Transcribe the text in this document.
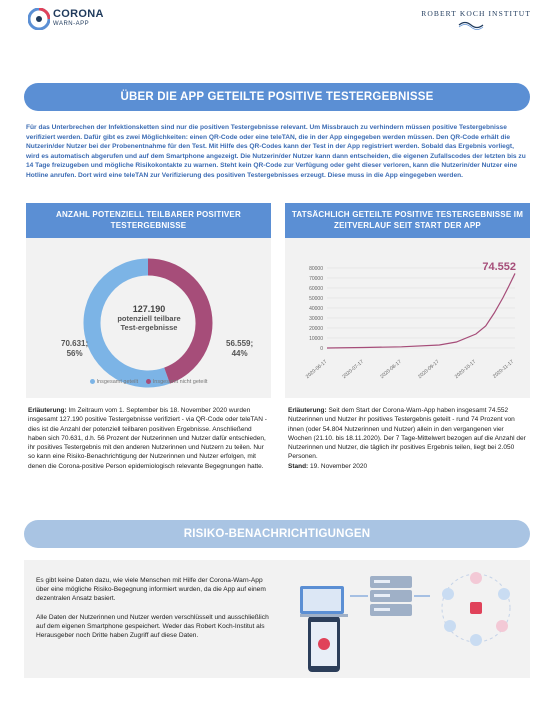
CORONA
WARN-APP
ROBERT KOCH INSTITUT
ÜBER DIE APP GETEILTE POSITIVE TESTERGEBNISSE
Für das Unterbrechen der Infektionsketten sind nur die positiven Testergebnisse relevant. Um Missbrauch zu verhindern müssen positive Testergebnisse verifiziert werden. Dafür gibt es zwei Möglichkeiten: einen QR-Code oder eine teleTAN, die in der App eingegeben werden müssen. Den QR-Code erhält die Nutzerin/der Nutzer bei der Probenentnahme für den Test. Mit Hilfe des QR-Codes kann der Test in der App registriert werden. Sobald das Ergebnis vorliegt, wird es automatisch abgerufen und auf dem Smartphone angezeigt. Die Nutzerin/der Nutzer kann dann entscheiden, die eigenen Zufallscodes der letzten bis zu 14 Tage freizugeben und mögliche Risikokontakte zu warnen. Steht kein QR-Code zur Verfügung oder geht dieser verloren, kann die Nutzerin/der Nutzer eine Hotline anrufen. Dort wird eine teleTAN zur Verifizierung des positiven Testergebnisses erzeugt. Diese muss in die App eingegeben werden.
ANZAHL POTENZIELL TEILBARER POSITIVER TESTERGEBNISSE
127.190
potenziell teilbare Test-ergebnisse
70.631;
56%
56.559;
44%
Insgesamt geteilt	Insgesamt nicht geteilt
TATSÄCHLICH GETEILTE POSITIVE TESTERGEBNISSE IM ZEITVERLAUF SEIT START DER APP
0
10000
20000
30000
40000
50000
60000
70000
80000
2020-06-17	2020-07-17	2020-08-17	2020-09-17	2020-10-17	2020-11-17
74.552
Erläuterung: Im Zeitraum vom 1. September bis 18. November 2020 wurden insgesamt 127.190 positive Testergebnisse verifiziert - via QR-Code oder teleTAN - dies ist die Anzahl der potenziell teilbaren positiven Ergebnisse. Anschließend haben sich 70.631, d.h. 56 Prozent der Nutzerinnen und Nutzer dafür entschieden, ihr positives Testergebnis mit den anderen Nutzerinnen und Nutzern zu teilen. Nur so kann eine Risiko-Benachrichtigung der Nutzerinnen und Nutzer erfolgen, mit denen die Corona-positive Person epidemiologisch relevante Begegnungen hatte.
Erläuterung: Seit dem Start der Corona-Warn-App haben insgesamt 74.552 Nutzerinnen und Nutzer ihr positives Testergebnis geteilt - rund 74 Prozent von ihnen (oder 54.804 Nutzerinnen und Nutzer) allein in den vergangenen vier Wochen (21.10. bis 18.11.2020). Der 7 Tage-Mittelwert bezogen auf die Anzahl der Nutzerinnen und Nutzer, die täglich ihr positives Ergebnis teilen, liegt bei 2.050 Personen.
Stand: 19. November 2020
RISIKO-BENACHRICHTIGUNGEN

Es gibt keine Daten dazu, wie viele Menschen mit Hilfe der Corona-Warn-App über eine mögliche Risiko-Begegnung informiert wurden, da die App auf einem dezentralen Ansatz basiert.

Alle Daten der Nutzerinnen und Nutzer werden verschlüsselt und ausschließlich auf dem eigenen Smartphone gespeichert. Weder das Robert Koch-Institut als Herausgeber noch Dritte haben Zugriff auf diese Daten.
